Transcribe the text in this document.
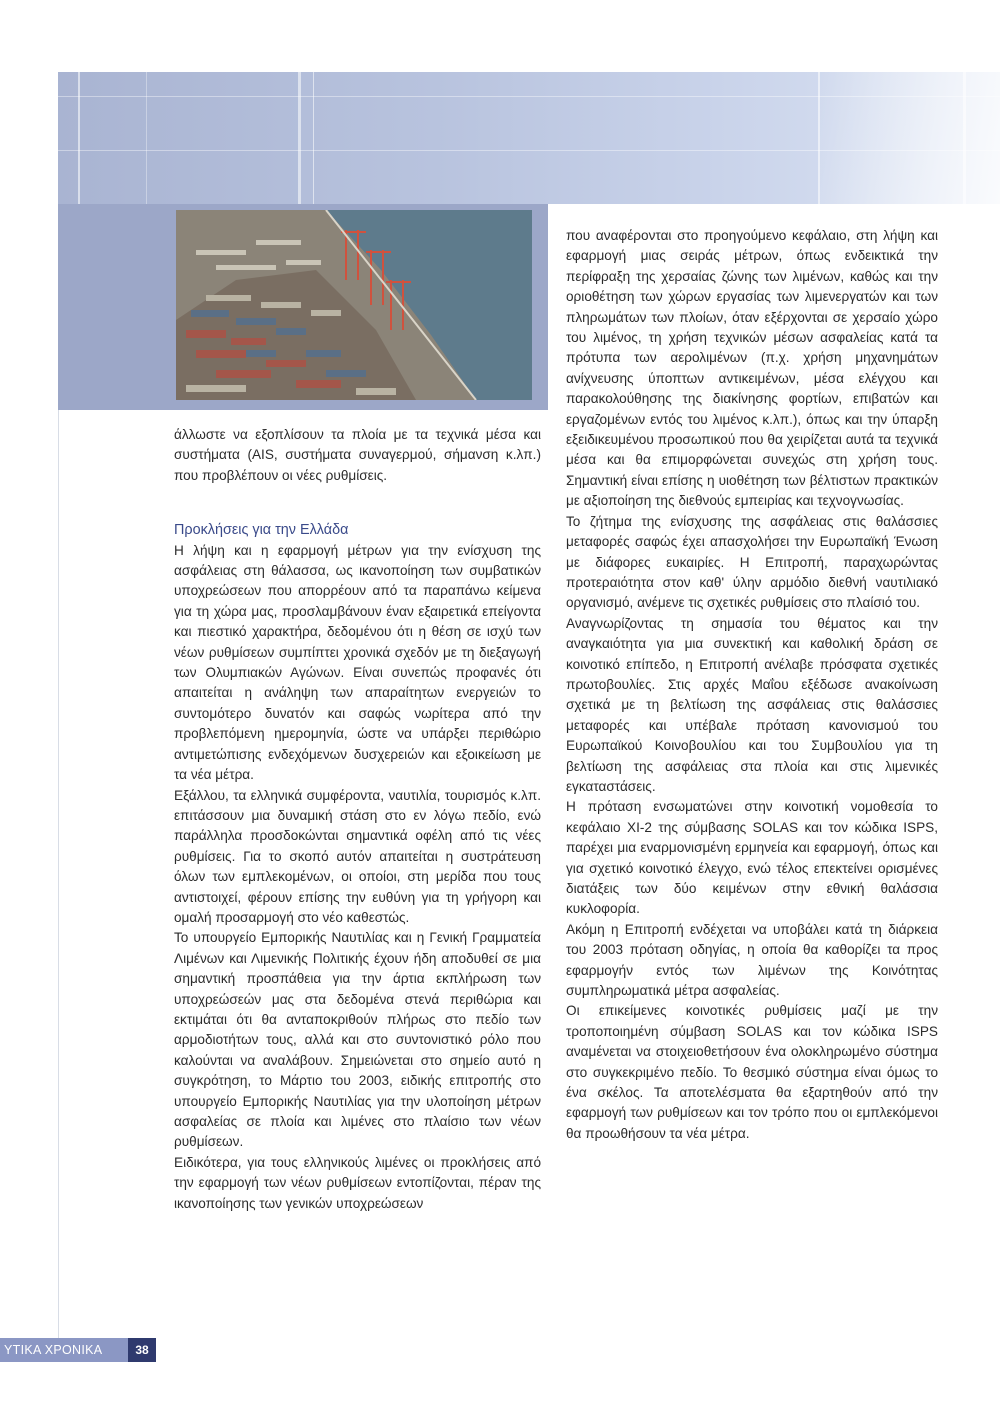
άλλωστε να εξοπλίσουν τα πλοία με τα τεχνικά μέσα και συστήματα (AIS, συστήματα συναγερμού, σήμανση κ.λπ.) που προβλέπουν οι νέες ρυθμίσεις.

Προκλήσεις για την Ελλάδα

Η λήψη και η εφαρμογή μέτρων για την ενίσχυση της ασφάλειας στη θάλασσα, ως ικανοποίηση των συμβατικών υποχρεώσεων που απορρέουν από τα παραπάνω κείμενα για τη χώρα μας, προσλαμβάνουν έναν εξαιρετικά επείγοντα και πιεστικό χαρακτήρα, δεδομένου ότι η θέση σε ισχύ των νέων ρυθμίσεων συμπίπτει χρονικά σχεδόν με τη διεξαγωγή των Ολυμπιακών Αγώνων. Είναι συνεπώς προφανές ότι απαιτείται η ανάληψη των απαραίτητων ενεργειών το συντομότερο δυνατόν και σαφώς νωρίτερα από την προβλεπόμενη ημερομηνία, ώστε να υπάρξει περιθώριο αντιμετώπισης ενδεχόμενων δυσχερειών και εξοικείωση με τα νέα μέτρα.

Εξάλλου, τα ελληνικά συμφέροντα, ναυτιλία, τουρισμός κ.λπ. επιτάσσουν μια δυναμική στάση στο εν λόγω πεδίο, ενώ παράλληλα προσδοκώνται σημαντικά οφέλη από τις νέες ρυθμίσεις. Για το σκοπό αυτόν απαιτείται η συστράτευση όλων των εμπλεκομένων, οι οποίοι, στη μερίδα που τους αντιστοιχεί, φέρουν επίσης την ευθύνη για τη γρήγορη και ομαλή προσαρμογή στο νέο καθεστώς.

Το υπουργείο Εμπορικής Ναυτιλίας και η Γενική Γραμματεία Λιμένων και Λιμενικής Πολιτικής έχουν ήδη αποδυθεί σε μια σημαντική προσπάθεια για την άρτια εκπλήρωση των υποχρεώσεών μας στα δεδομένα στενά περιθώρια και εκτιμάται ότι θα ανταποκριθούν πλήρως στο πεδίο των αρμοδιοτήτων τους, αλλά και στο συντονιστικό ρόλο που καλούνται να αναλάβουν. Σημειώνεται στο σημείο αυτό η συγκρότηση, το Μάρτιο του 2003, ειδικής επιτροπής στο υπουργείο Εμπορικής Ναυτιλίας για την υλοποίηση μέτρων ασφαλείας σε πλοία και λιμένες στο πλαίσιο των νέων ρυθμίσεων.

Ειδικότερα, για τους ελληνικούς λιμένες οι προκλήσεις από την εφαρμογή των νέων ρυθμίσεων εντοπίζονται, πέραν της ικανοποίησης των γενικών υποχρεώσεων

που αναφέρονται στο προηγούμενο κεφάλαιο, στη λήψη και εφαρμογή μιας σειράς μέτρων, όπως ενδεικτικά την περίφραξη της χερσαίας ζώνης των λιμένων, καθώς και την οριοθέτηση των χώρων εργασίας των λιμενεργατών και των πληρωμάτων των πλοίων, όταν εξέρχονται σε χερσαίο χώρο του λιμένος, τη χρήση τεχνικών μέσων ασφαλείας κατά τα πρότυπα των αερολιμένων (π.χ. χρήση μηχανημάτων ανίχνευσης ύποπτων αντικειμένων, μέσα ελέγχου και παρακολούθησης της διακίνησης φορτίων, επιβατών και εργαζομένων εντός του λιμένος κ.λπ.), όπως και την ύπαρξη εξειδικευμένου προσωπικού που θα χειρίζεται αυτά τα τεχνικά μέσα και θα επιμορφώνεται συνεχώς στη χρήση τους. Σημαντική είναι επίσης η υιοθέτηση των βέλτιστων πρακτικών με αξιοποίηση της διεθνούς εμπειρίας και τεχνογνωσίας.

Το ζήτημα της ενίσχυσης της ασφάλειας στις θαλάσσιες μεταφορές σαφώς έχει απασχολήσει την Ευρωπαϊκή Ένωση με διάφορες ευκαιρίες. Η Επιτροπή, παραχωρώντας προτεραιότητα στον καθ' ύλην αρμόδιο διεθνή ναυτιλιακό οργανισμό, ανέμενε τις σχετικές ρυθμίσεις στο πλαίσιό του.

Αναγνωρίζοντας τη σημασία του θέματος και την αναγκαιότητα για μια συνεκτική και καθολική δράση σε κοινοτικό επίπεδο, η Επιτροπή ανέλαβε πρόσφατα σχετικές πρωτοβουλίες. Στις αρχές Μαΐου εξέδωσε ανακοίνωση σχετικά με τη βελτίωση της ασφάλειας στις θαλάσσιες μεταφορές και υπέβαλε πρόταση κανονισμού του Ευρωπαϊκού Κοινοβουλίου και του Συμβουλίου για τη βελτίωση της ασφάλειας στα πλοία και στις λιμενικές εγκαταστάσεις.

Η πρόταση ενσωματώνει στην κοινοτική νομοθεσία το κεφάλαιο XI-2 της σύμβασης SOLAS και τον κώδικα ISPS, παρέχει μια εναρμονισμένη ερμηνεία και εφαρμογή, όπως και για σχετικό κοινοτικό έλεγχο, ενώ τέλος επεκτείνει ορισμένες διατάξεις των δύο κειμένων στην εθνική θαλάσσια κυκλοφορία.

Ακόμη η Επιτροπή ενδέχεται να υποβάλει κατά τη διάρκεια του 2003 πρόταση οδηγίας, η οποία θα καθορίζει τα προς εφαρμογήν εντός των λιμένων της Κοινότητας συμπληρωματικά μέτρα ασφαλείας.

Οι επικείμενες κοινοτικές ρυθμίσεις μαζί με την τροποποιημένη σύμβαση SOLAS και τον κώδικα ISPS αναμένεται να στοιχειοθετήσουν ένα ολοκληρωμένο σύστημα στο συγκεκριμένο πεδίο. Το θεσμικό σύστημα είναι όμως το ένα σκέλος. Τα αποτελέσματα θα εξαρτηθούν από την εφαρμογή των ρυθμίσεων και τον τρόπο που οι εμπλεκόμενοι θα προωθήσουν τα νέα μέτρα.

ΥΤΙΚΑ ΧΡΟΝΙΚΑ	38
